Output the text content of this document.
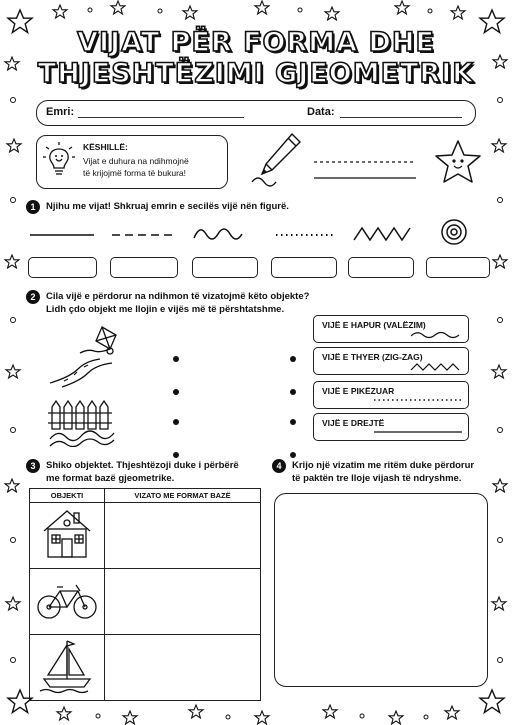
VIJAT PËR FORMA DHE
THJESHTËZIMI GJEOMETRIK
Emri:	Data:
KËSHILLË:
Vijat e duhura na ndihmojnë
të krijojmë forma të bukura!
1	Njihu me vijat! Shkruaj emrin e secilës vijë nën figurë.
2	Cila vijë e përdorur na ndihmon të vizatojmë këto objekte?
Lidh çdo objekt me llojin e vijës më të përshtatshme.
VIJË E HAPUR (VALËZIM)
VIJË E THYER (ZIG-ZAG)
VIJË E PIKËZUAR
VIJË E DREJTË
3	Shiko objektet. Thjeshtëzoji duke i përbërë
me format bazë gjeometrike.
OBJEKTI	VIZATO ME FORMAT BAZË

4	Krijo një vizatim me ritëm duke përdorur
të paktën tre lloje vijash të ndryshme.
